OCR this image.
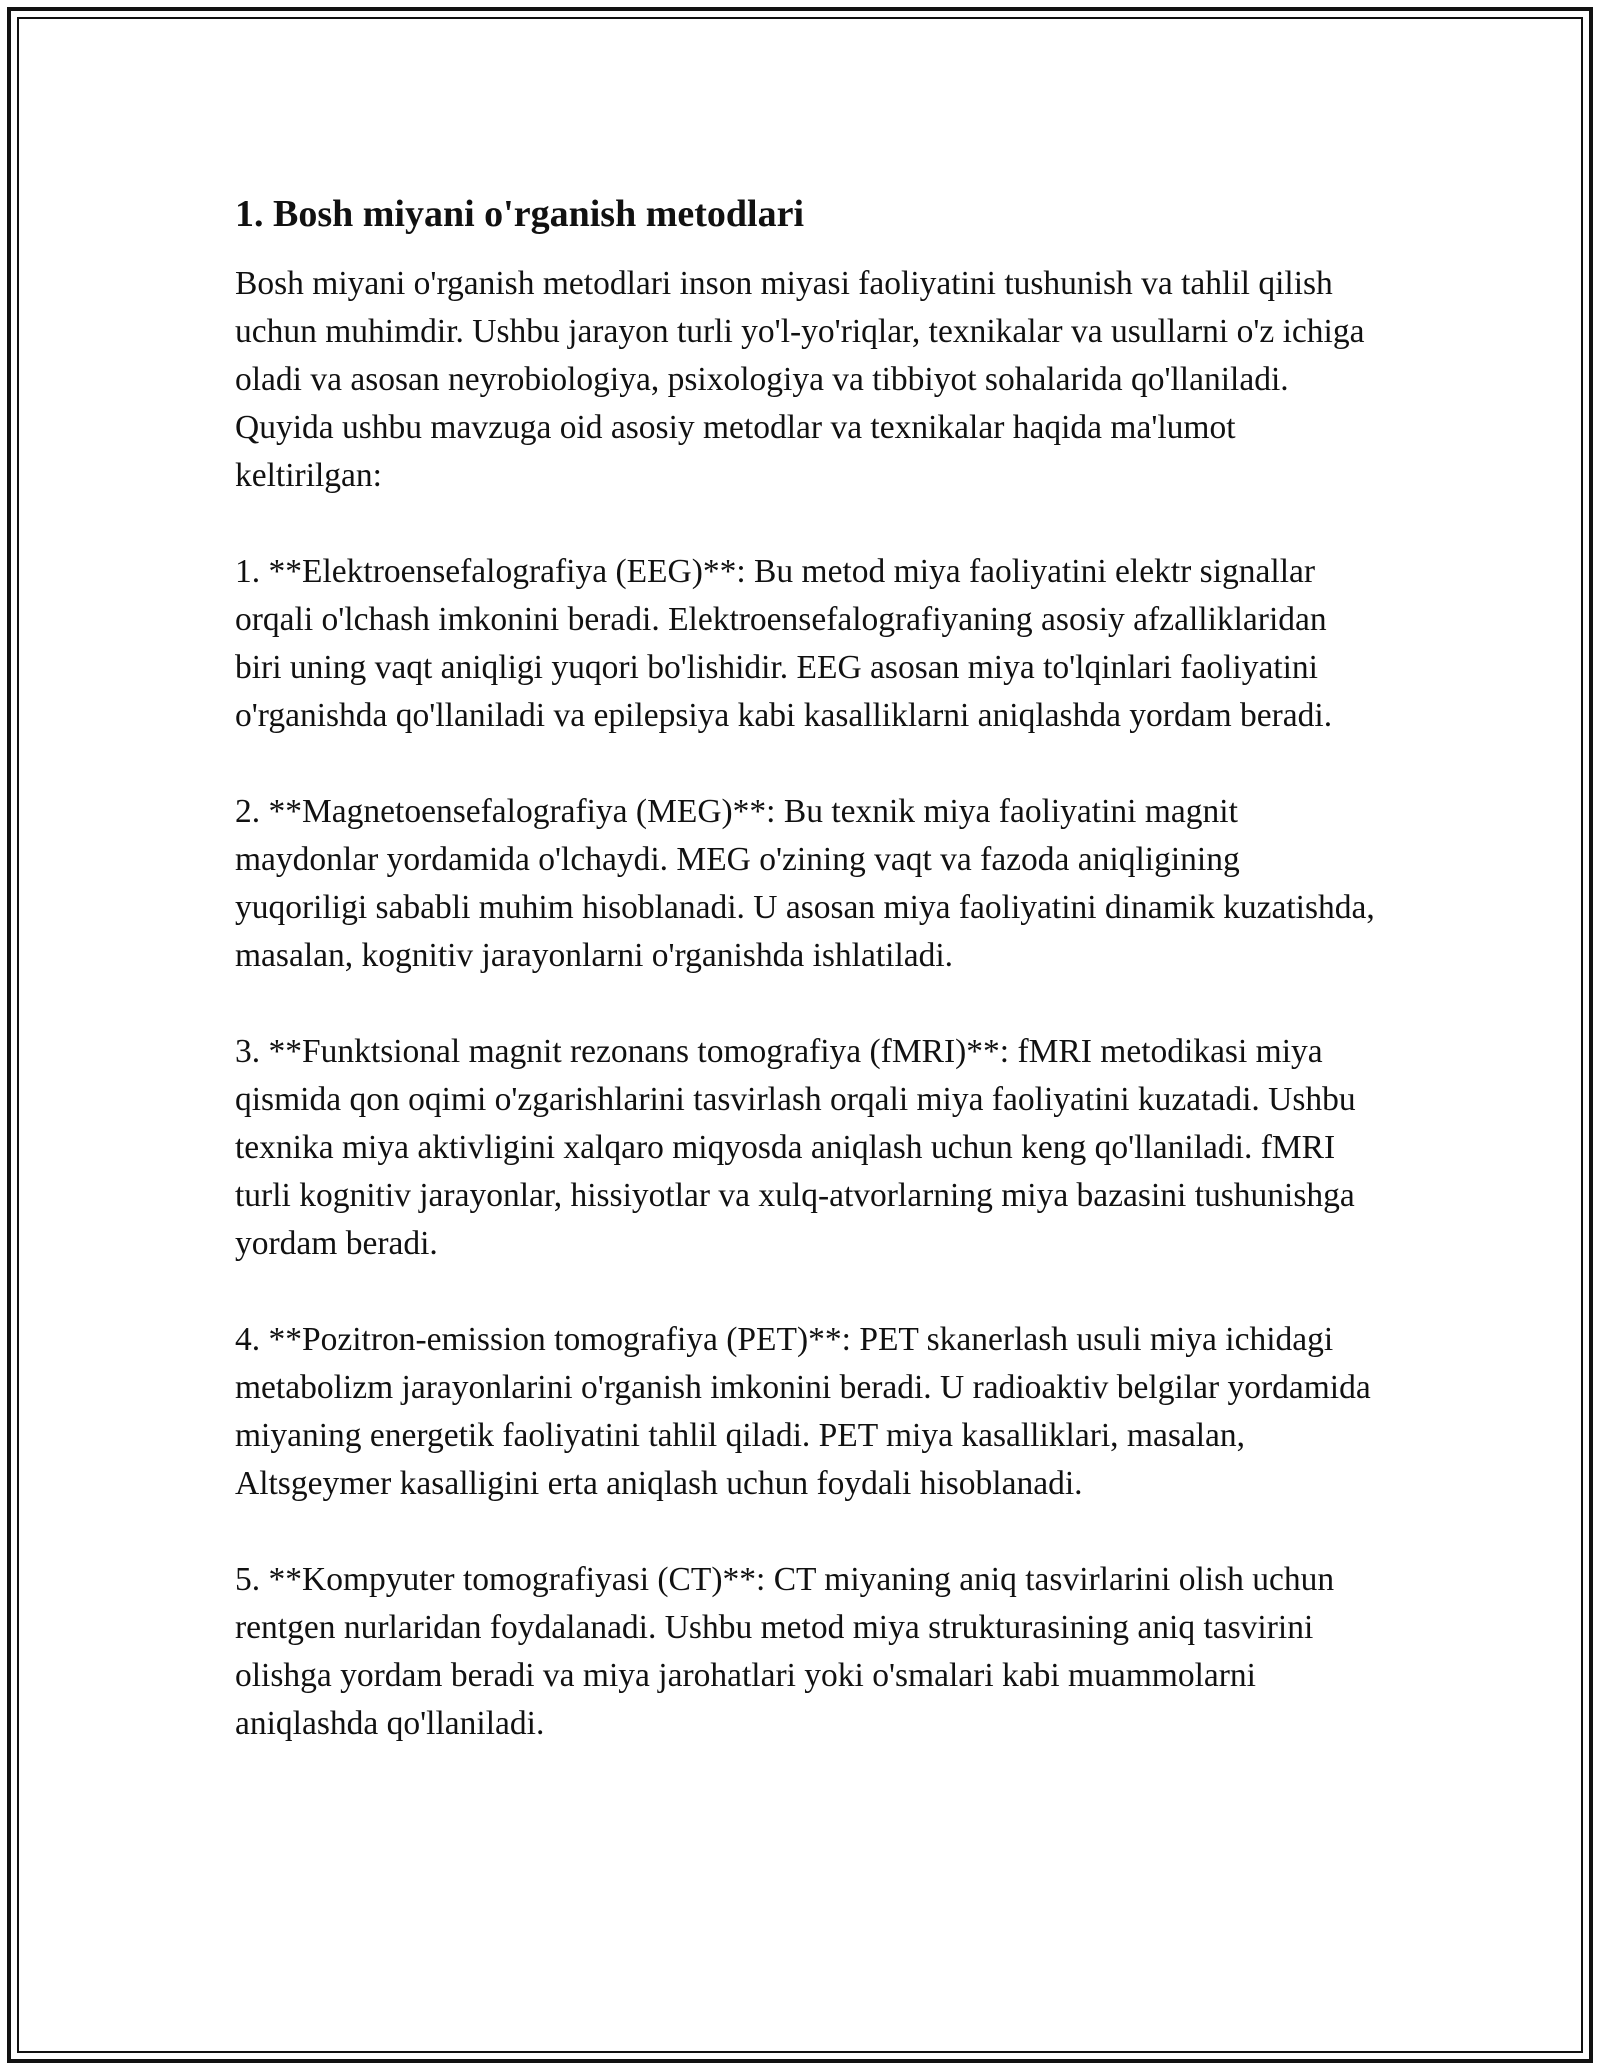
1. Bosh miyani o'rganish metodlari

Bosh miyani o'rganish metodlari inson miyasi faoliyatini tushunish va tahlil qilish uchun muhimdir. Ushbu jarayon turli yo'l-yo'riqlar, texnikalar va usullarni o'z ichiga oladi va asosan neyrobiologiya, psixologiya va tibbiyot sohalarida qo'llaniladi. Quyida ushbu mavzuga oid asosiy metodlar va texnikalar haqida ma'lumot keltirilgan:

1. **Elektroensefalografiya (EEG)**: Bu metod miya faoliyatini elektr signallar orqali o'lchash imkonini beradi. Elektroensefalografiyaning asosiy afzalliklaridan biri uning vaqt aniqligi yuqori bo'lishidir. EEG asosan miya to'lqinlari faoliyatini o'rganishda qo'llaniladi va epilepsiya kabi kasalliklarni aniqlashda yordam beradi.

2. **Magnetoensefalografiya (MEG)**: Bu texnik miya faoliyatini magnit maydonlar yordamida o'lchaydi. MEG o'zining vaqt va fazoda aniqligining yuqoriligi sababli muhim hisoblanadi. U asosan miya faoliyatini dinamik kuzatishda, masalan, kognitiv jarayonlarni o'rganishda ishlatiladi.

3. **Funktsional magnit rezonans tomografiya (fMRI)**: fMRI metodikasi miya qismida qon oqimi o'zgarishlarini tasvirlash orqali miya faoliyatini kuzatadi. Ushbu texnika miya aktivligini xalqaro miqyosda aniqlash uchun keng qo'llaniladi. fMRI turli kognitiv jarayonlar, hissiyotlar va xulq-atvorlarning miya bazasini tushunishga yordam beradi.

4. **Pozitron-emission tomografiya (PET)**: PET skanerlash usuli miya ichidagi metabolizm jarayonlarini o'rganish imkonini beradi. U radioaktiv belgilar yordamida miyaning energetik faoliyatini tahlil qiladi. PET miya kasalliklari, masalan, Altsgeymer kasalligini erta aniqlash uchun foydali hisoblanadi.

5. **Kompyuter tomografiyasi (CT)**: CT miyaning aniq tasvirlarini olish uchun rentgen nurlaridan foydalanadi. Ushbu metod miya strukturasining aniq tasvirini olishga yordam beradi va miya jarohatlari yoki o'smalari kabi muammolarni aniqlashda qo'llaniladi.
